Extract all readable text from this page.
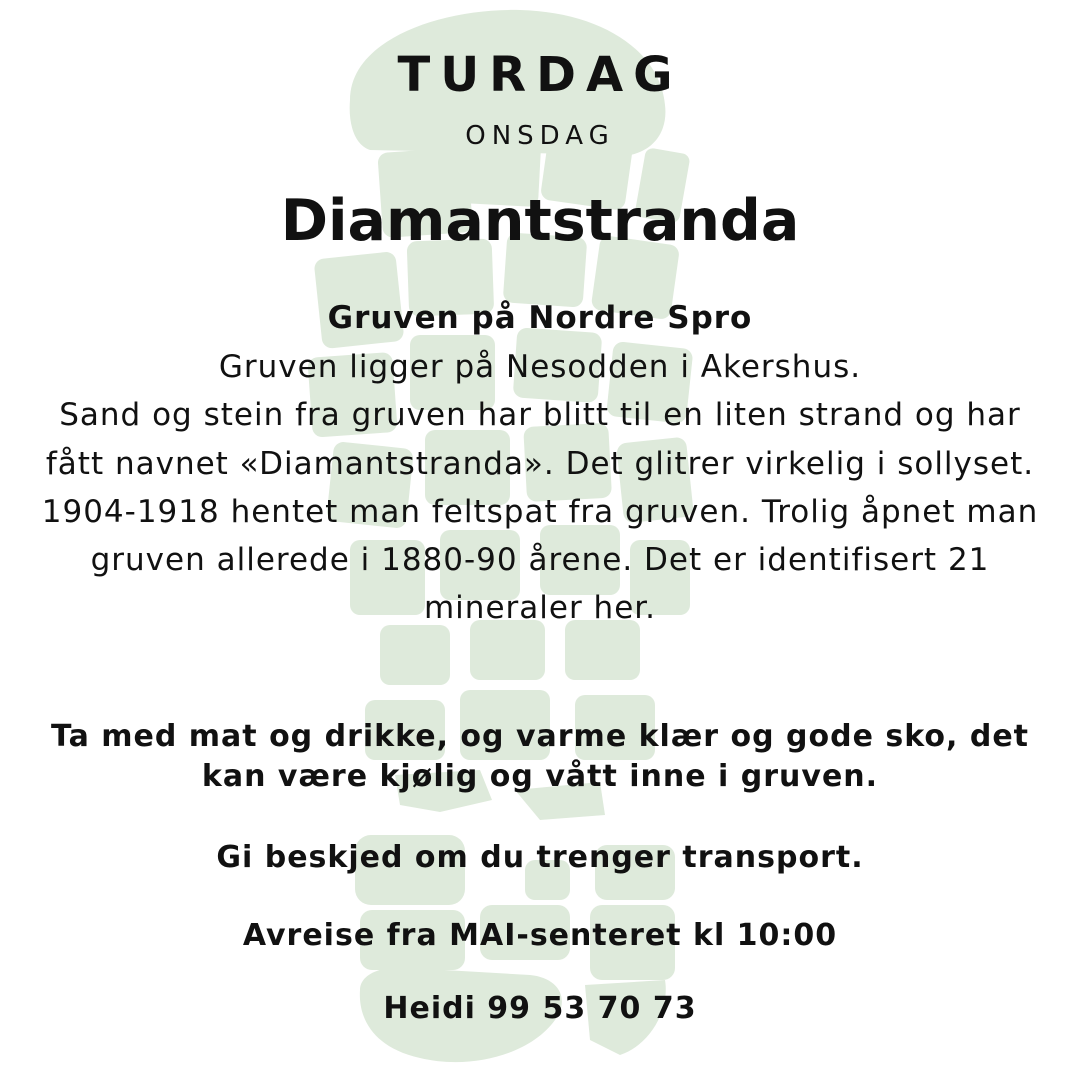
TURDAG
ONSDAG
Diamantstranda
Gruven på Nordre Spro

Gruven ligger på Nesodden i Akershus.

Sand og stein fra gruven har blitt til en liten strand og har fått navnet «Diamantstranda». Det glitrer virkelig i sollyset.

1904-1918 hentet man feltspat fra gruven. Trolig åpnet man gruven allerede i 1880-90 årene. Det er identifisert 21 mineraler her.

Ta med mat og drikke, og varme klær og gode sko, det kan være kjølig og vått inne i gruven.

Gi beskjed om du trenger transport.
Avreise fra MAI-senteret kl 10:00
Heidi 99 53 70 73
